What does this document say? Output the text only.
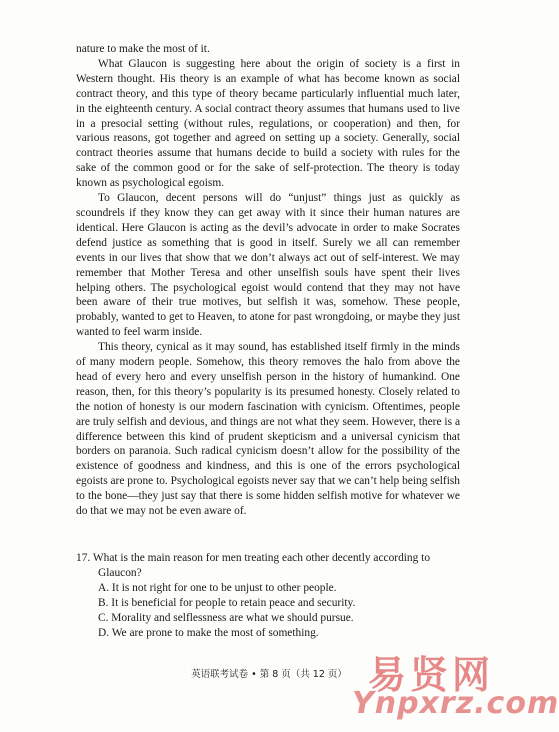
nature to make the most of it.

What Glaucon is suggesting here about the origin of society is a first in Western thought. His theory is an example of what has become known as social contract theory, and this type of theory became particularly influential much later, in the eighteenth century. A social contract theory assumes that humans used to live in a presocial setting (without rules, regulations, or cooperation) and then, for various reasons, got together and agreed on setting up a society. Generally, social contract theories assume that humans decide to build a society with rules for the sake of the common good or for the sake of self-protection. The theory is today known as psychological egoism.

To Glaucon, decent persons will do “unjust” things just as quickly as scoundrels if they know they can get away with it since their human natures are identical. Here Glaucon is acting as the devil’s advocate in order to make Socrates defend justice as something that is good in itself. Surely we all can remember events in our lives that show that we don’t always act out of self-interest. We may remember that Mother Teresa and other unselfish souls have spent their lives helping others. The psychological egoist would contend that they may not have been aware of their true motives, but selfish it was, somehow. These people, probably, wanted to get to Heaven, to atone for past wrongdoing, or maybe they just wanted to feel warm inside.

This theory, cynical as it may sound, has established itself firmly in the minds of many modern people. Somehow, this theory removes the halo from above the head of every hero and every unselfish person in the history of humankind. One reason, then, for this theory’s popularity is its presumed honesty. Closely related to the notion of honesty is our modern fascination with cynicism. Oftentimes, people are truly selfish and devious, and things are not what they seem. However, there is a difference between this kind of prudent skepticism and a universal cynicism that borders on paranoia. Such radical cynicism doesn’t allow for the possibility of the existence of goodness and kindness, and this is one of the errors psychological egoists are prone to. Psychological egoists never say that we can’t help being selfish to the bone—they just say that there is some hidden selfish motive for whatever we do that we may not be even aware of.

17. What is the main reason for men treating each other decently according to Glaucon?

A. It is not right for one to be unjust to other people.

B. It is beneficial for people to retain peace and security.

C. Morality and selflessness are what we should pursue.

D. We are prone to make the most of something.

英语联考试卷 • 第 8 页（共 12 页） 易贤网
Ynpxrz.com
